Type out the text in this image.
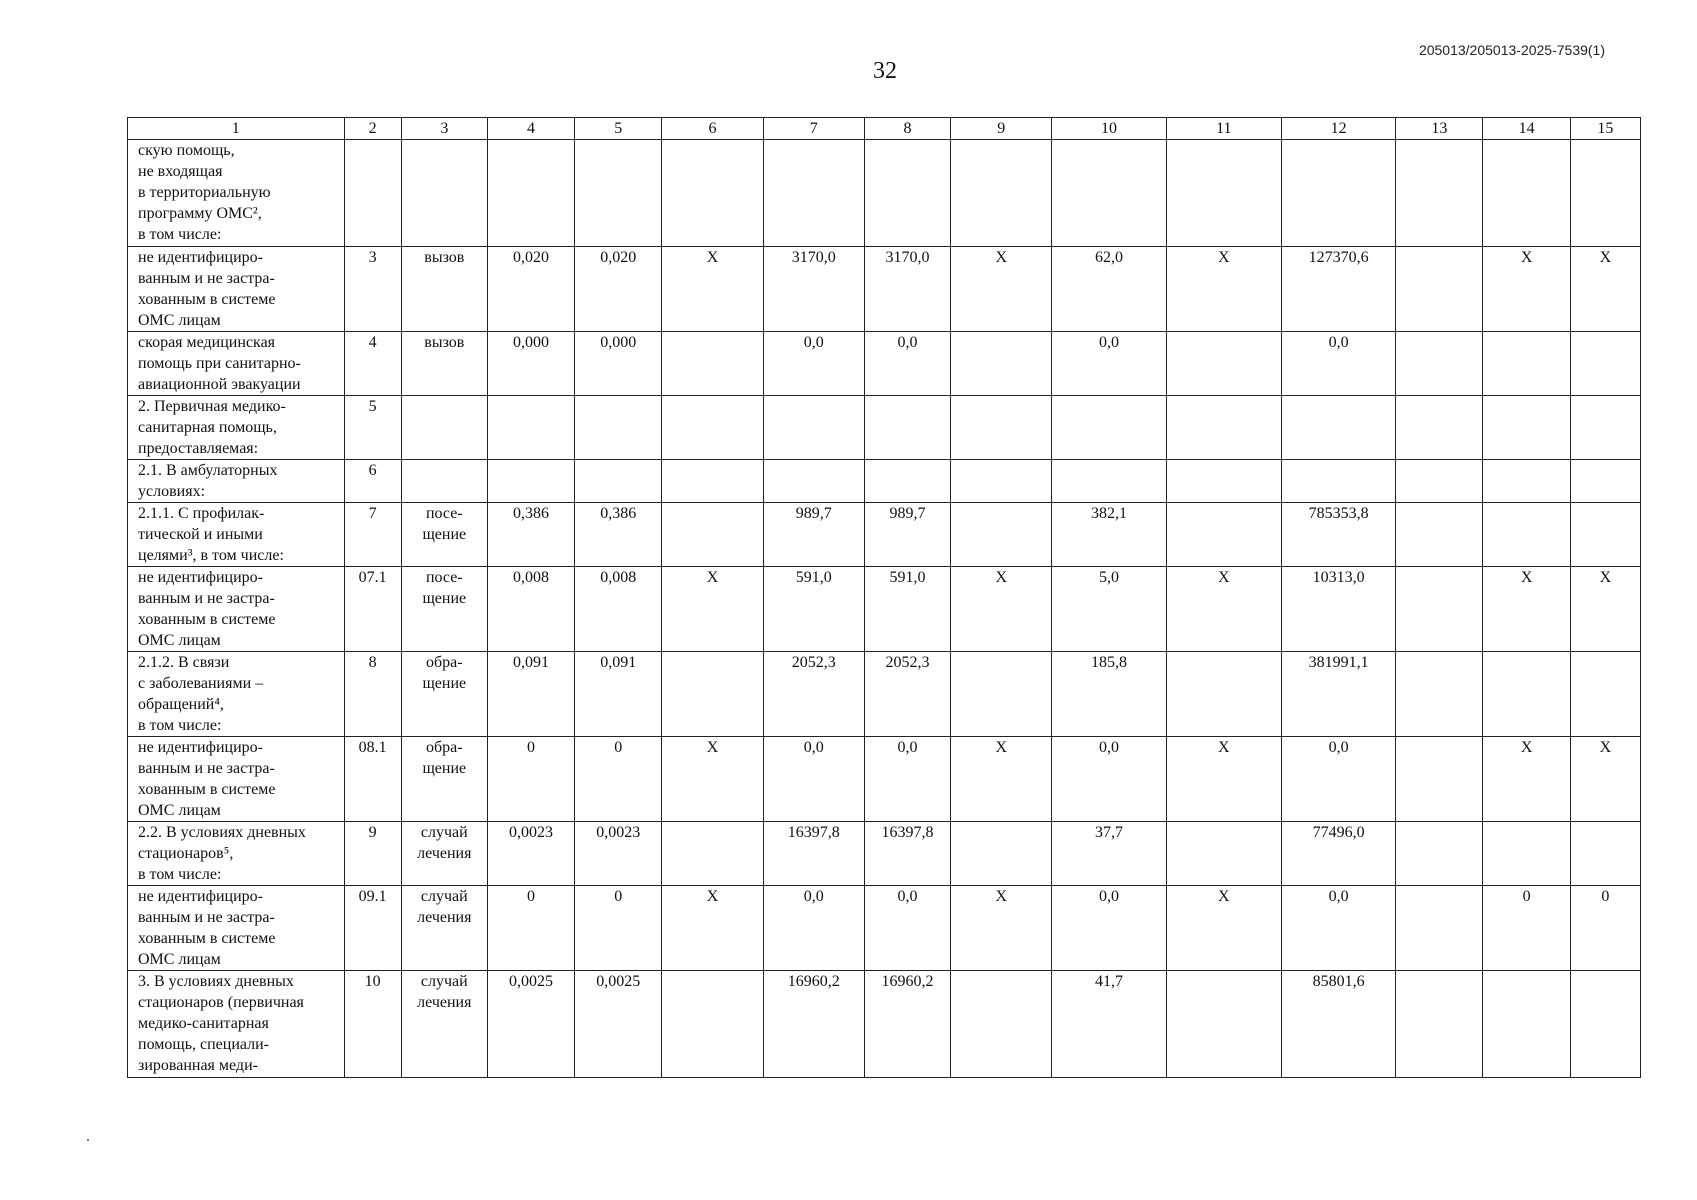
205013/205013-2025-7539(1)
32
1	2	3	4	5	6	7	8	9	10	11	12	13	14	15
скую помощь,
не входящая
в территориальную
программу ОМС²,
в том числе:														
не идентифициро-
ванным и не застра-
хованным в системе
ОМС лицам	3	вызов	0,020	0,020	X	3170,0	3170,0	X	62,0	X	127370,6		X	X
скорая медицинская
помощь при санитарно-
авиационной эвакуации	4	вызов	0,000	0,000		0,0	0,0		0,0		0,0			
2. Первичная медико-
санитарная помощь,
предоставляемая:	5													
2.1. В амбулаторных
условиях:	6													
2.1.1. С профилак-
тической и иными
целями³, в том числе:	7	посе-
щение	0,386	0,386		989,7	989,7		382,1		785353,8			
не идентифициро-
ванным и не застра-
хованным в системе
ОМС лицам	07.1	посе-
щение	0,008	0,008	X	591,0	591,0	X	5,0	X	10313,0		X	X
2.1.2. В связи
с заболеваниями –
обращений⁴,
в том числе:	8	обра-
щение	0,091	0,091		2052,3	2052,3		185,8		381991,1			
не идентифициро-
ванным и не застра-
хованным в системе
ОМС лицам	08.1	обра-
щение	0	0	X	0,0	0,0	X	0,0	X	0,0		X	X
2.2. В условиях дневных
стационаров⁵,
в том числе:	9	случай
лечения	0,0023	0,0023		16397,8	16397,8		37,7		77496,0			
не идентифициро-
ванным и не застра-
хованным в системе
ОМС лицам	09.1	случай
лечения	0	0	X	0,0	0,0	X	0,0	X	0,0		0	0
3. В условиях дневных
стационаров (первичная
медико-санитарная
помощь, специали-
зированная меди-	10	случай
лечения	0,0025	0,0025		16960,2	16960,2		41,7		85801,6			
